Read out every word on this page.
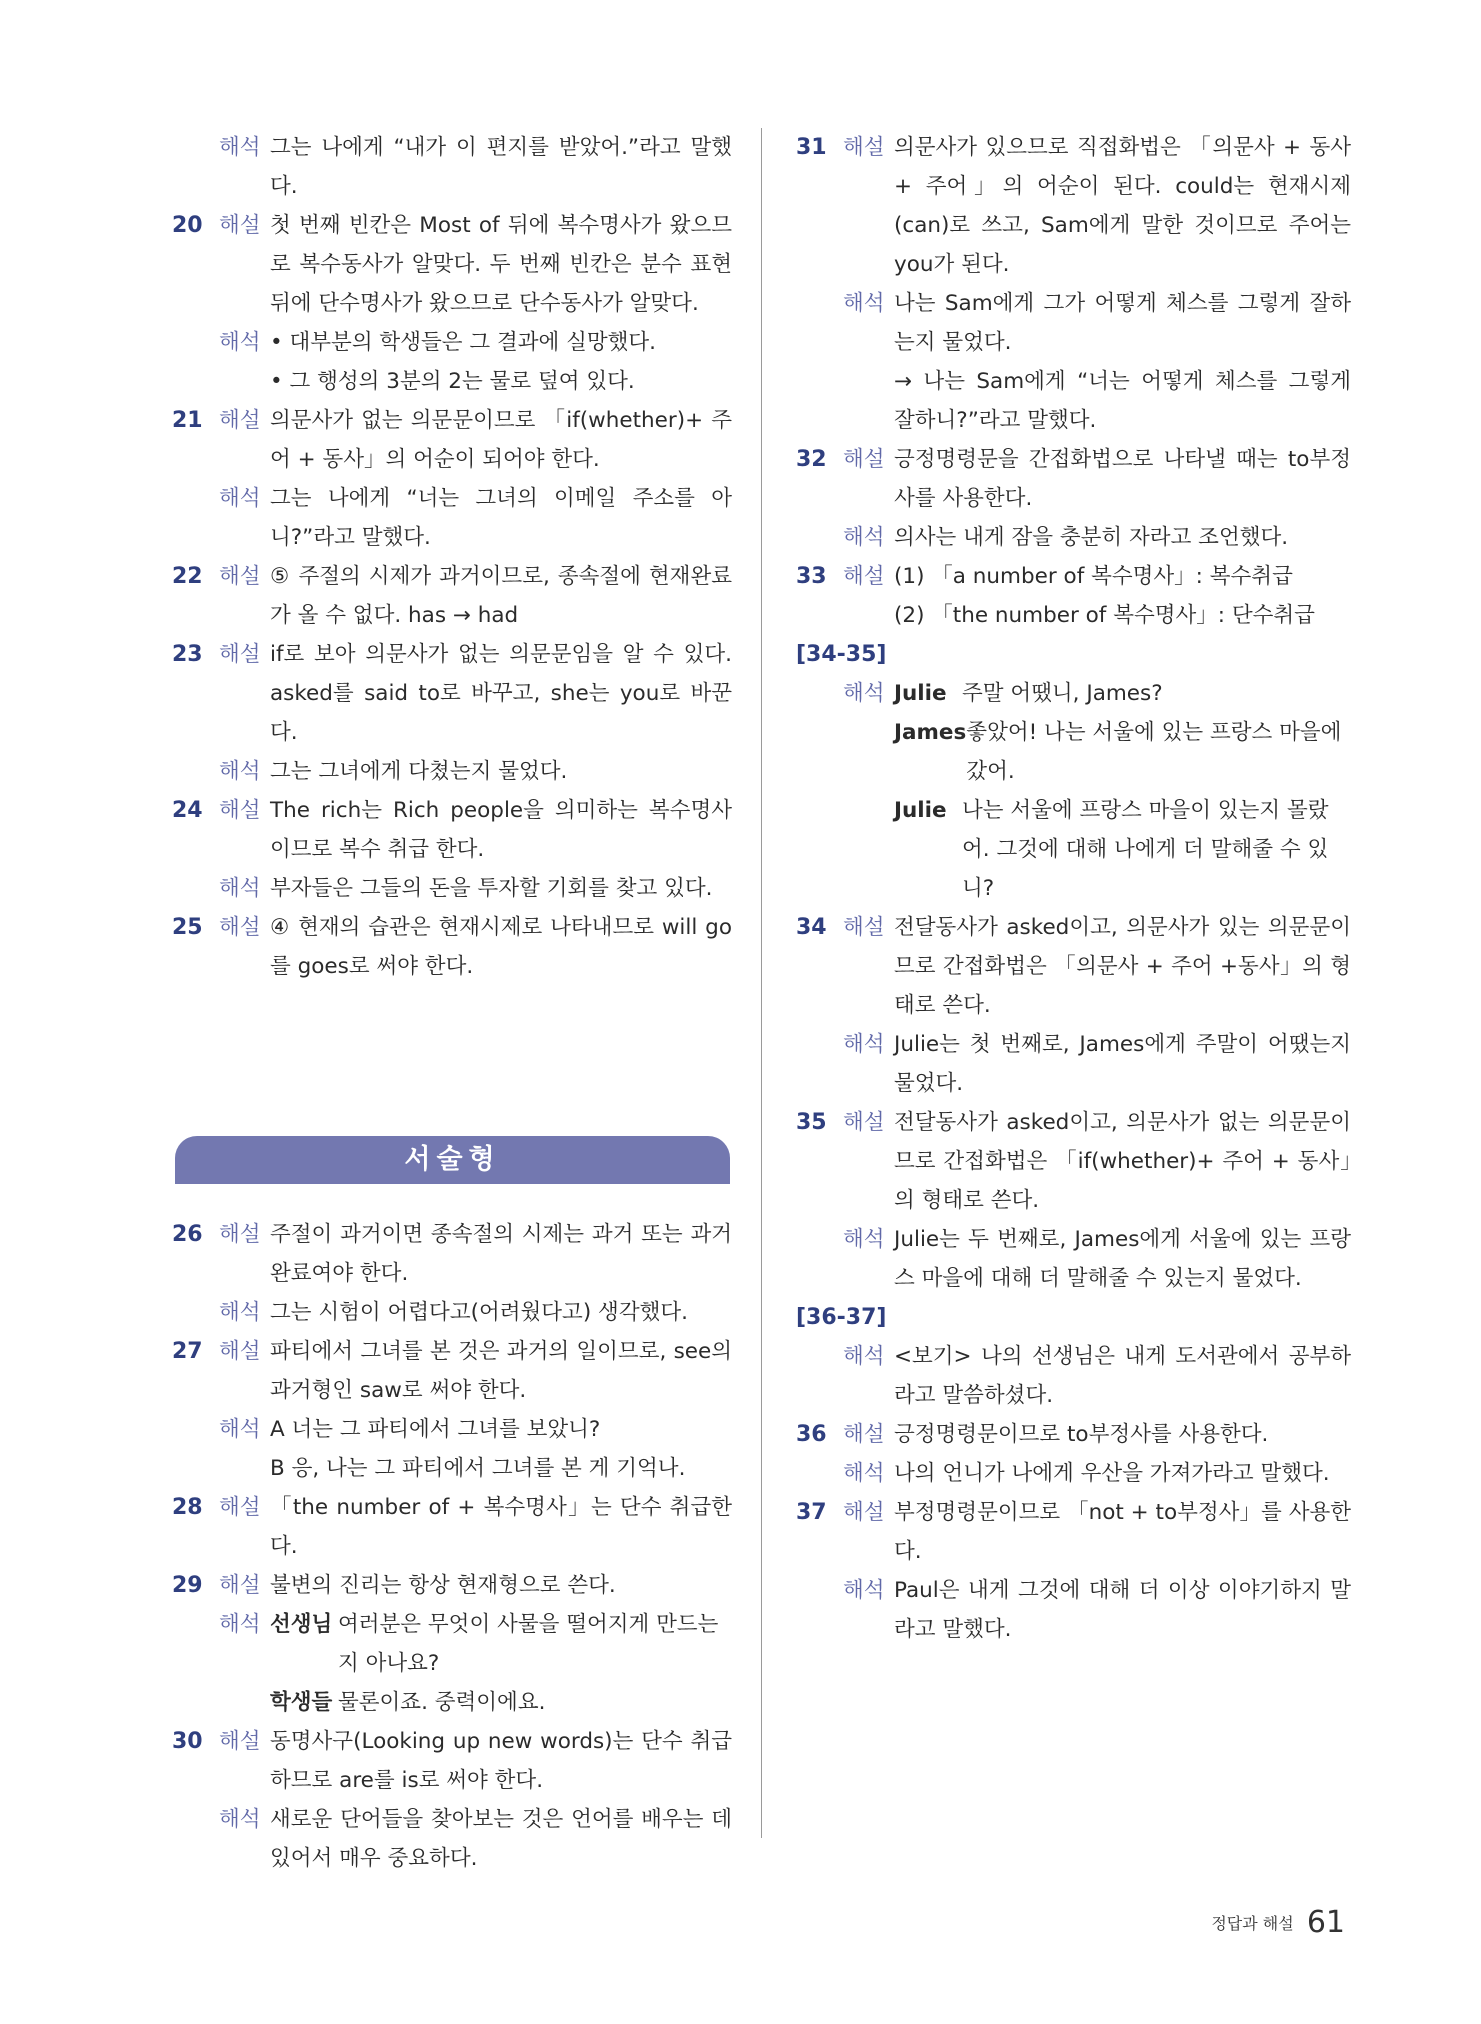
해석 그는 나에게 “내가 이 편지를 받았어.”라고 말했다.
20 해설 첫 번째 빈칸은 Most of 뒤에 복수명사가 왔으므로 복수동사가 알맞다. 두 번째 빈칸은 분수 표현 뒤에 단수명사가 왔으므로 단수동사가 알맞다.
해석 • 대부분의 학생들은 그 결과에 실망했다.
• 그 행성의 3분의 2는 물로 덮여 있다.
21 해설 의문사가 없는 의문문이므로 「if(whether)+ 주어 + 동사」의 어순이 되어야 한다.
해석 그는 나에게 “너는 그녀의 이메일 주소를 아니?”라고 말했다.
22 해설 ⑤ 주절의 시제가 과거이므로, 종속절에 현재완료가 올 수 없다. has → had
23 해설 if로 보아 의문사가 없는 의문문임을 알 수 있다. asked를 said to로 바꾸고, she는 you로 바꾼다.
해석 그는 그녀에게 다쳤는지 물었다.
24 해설 The rich는 Rich people을 의미하는 복수명사이므로 복수 취급 한다.
해석 부자들은 그들의 돈을 투자할 기회를 찾고 있다.
25 해설 ④ 현재의 습관은 현재시제로 나타내므로 will go를 goes로 써야 한다.
서술형
26 해설 주절이 과거이면 종속절의 시제는 과거 또는 과거완료여야 한다.
해석 그는 시험이 어렵다고(어려웠다고) 생각했다.
27 해설 파티에서 그녀를 본 것은 과거의 일이므로, see의 과거형인 saw로 써야 한다.
해석 A 너는 그 파티에서 그녀를 보았니?
B 응, 나는 그 파티에서 그녀를 본 게 기억나.
28 해설 「the number of + 복수명사」는 단수 취급한다.
29 해설 불변의 진리는 항상 현재형으로 쓴다.
해석 선생님 여러분은 무엇이 사물을 떨어지게 만드는지 아나요?
학생들 물론이죠. 중력이에요.
30 해설 동명사구(Looking up new words)는 단수 취급하므로 are를 is로 써야 한다.
해석 새로운 단어들을 찾아보는 것은 언어를 배우는 데 있어서 매우 중요하다.
31 해설 의문사가 있으므로 직접화법은 「의문사 + 동사 + 주어」의 어순이 된다. could는 현재시제(can)로 쓰고, Sam에게 말한 것이므로 주어는 you가 된다.
해석 나는 Sam에게 그가 어떻게 체스를 그렇게 잘하는지 물었다.
→ 나는 Sam에게 “너는 어떻게 체스를 그렇게 잘하니?”라고 말했다.
32 해설 긍정명령문을 간접화법으로 나타낼 때는 to부정사를 사용한다.
해석 의사는 내게 잠을 충분히 자라고 조언했다.
33 해설 (1) 「a number of 복수명사」: 복수취급
(2) 「the number of 복수명사」: 단수취급
[34-35]
해석 Julie 주말 어땠니, James?
James 좋았어! 나는 서울에 있는 프랑스 마을에 갔어.
Julie 나는 서울에 프랑스 마을이 있는지 몰랐어. 그것에 대해 나에게 더 말해줄 수 있니?
34 해설 전달동사가 asked이고, 의문사가 있는 의문문이므로 간접화법은 「의문사 + 주어 +동사」의 형태로 쓴다.
해석 Julie는 첫 번째로, James에게 주말이 어땠는지 물었다.
35 해설 전달동사가 asked이고, 의문사가 없는 의문문이므로 간접화법은 「if(whether)+ 주어 + 동사」의 형태로 쓴다.
해석 Julie는 두 번째로, James에게 서울에 있는 프랑스 마을에 대해 더 말해줄 수 있는지 물었다.
[36-37]
해석 <보기> 나의 선생님은 내게 도서관에서 공부하라고 말씀하셨다.
36 해설 긍정명령문이므로 to부정사를 사용한다.
해석 나의 언니가 나에게 우산을 가져가라고 말했다.
37 해설 부정명령문이므로 「not + to부정사」를 사용한다.
해석 Paul은 내게 그것에 대해 더 이상 이야기하지 말라고 말했다.
정답과 해설 61
